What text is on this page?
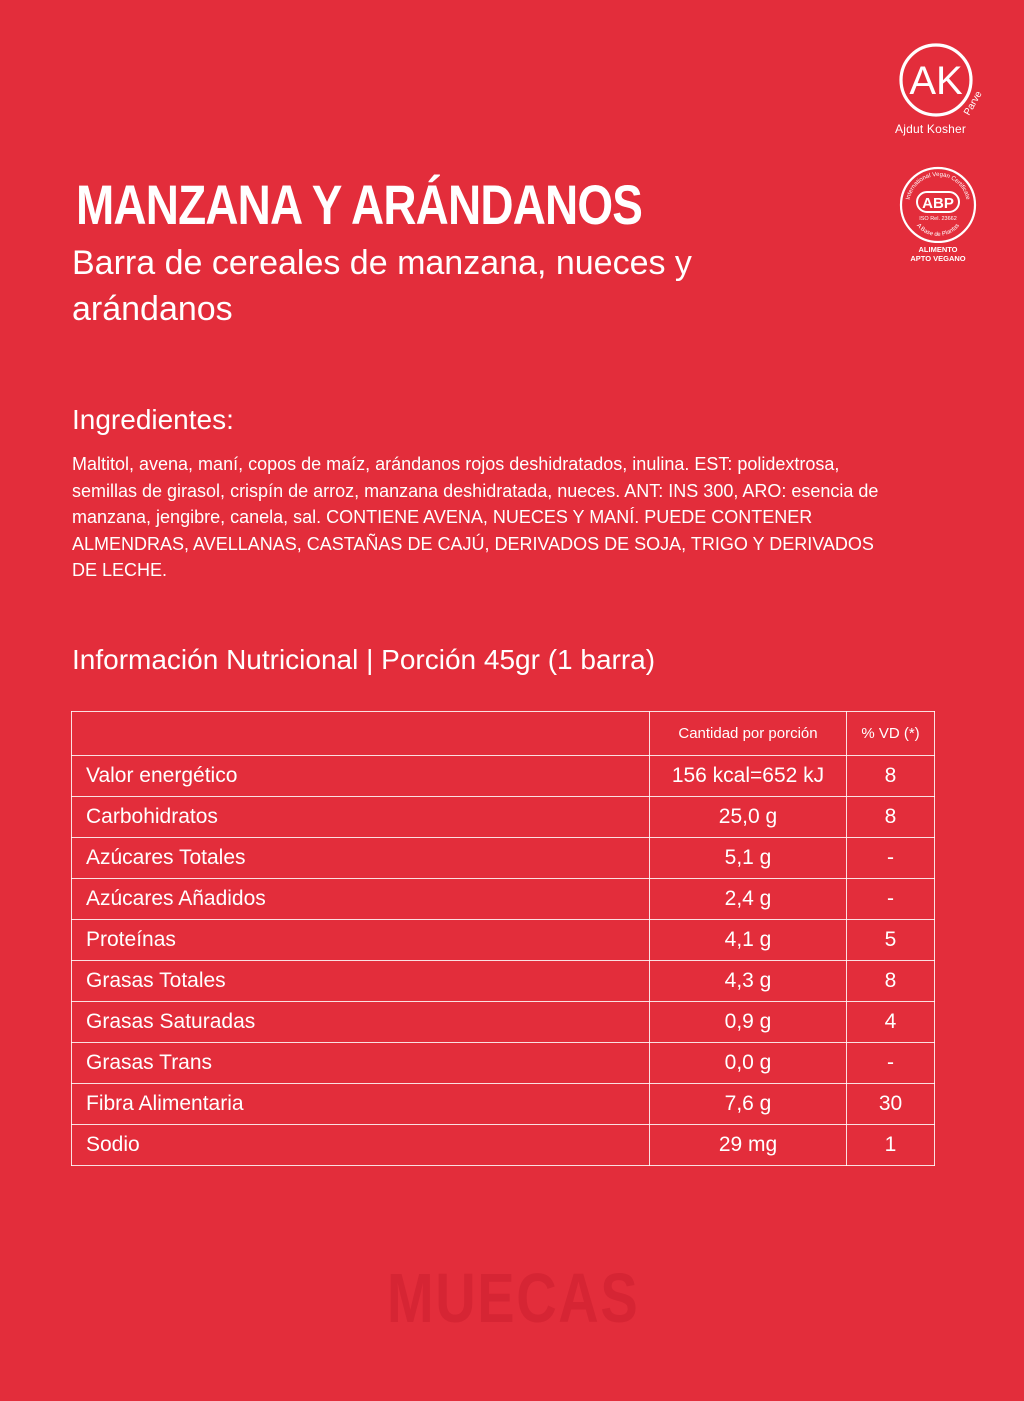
AK
Parve
Ajdut Kosher
International Vegan Certificate
A Base de Plantas
ABP
ISO Rel. 23662
ALIMENTO
APTO VEGANO
MANZANA Y ARÁNDANOS
Barra de cereales de manzana, nueces y arándanos
Ingredientes:
Maltitol, avena, maní, copos de maíz, arándanos rojos deshidratados, inulina. EST: polidextrosa, semillas de girasol, crispín de arroz, manzana deshidratada, nueces. ANT: INS 300, ARO: esencia de manzana, jengibre, canela, sal. CONTIENE AVENA, NUECES Y MANÍ. PUEDE CONTENER ALMENDRAS, AVELLANAS, CASTAÑAS DE CAJÚ, DERIVADOS DE SOJA, TRIGO Y DERIVADOS DE LECHE.
Información Nutricional | Porción 45gr (1 barra)
	Cantidad por porción	% VD (*)
Valor energético	156 kcal=652 kJ	8
Carbohidratos	25,0 g	8
Azúcares Totales	5,1 g	-
Azúcares Añadidos	2,4 g	-
Proteínas	4,1 g	5
Grasas Totales	4,3 g	8
Grasas Saturadas	0,9 g	4
Grasas Trans	0,0 g	-
Fibra Alimentaria	7,6 g	30
Sodio	29 mg	1
MUECAS
